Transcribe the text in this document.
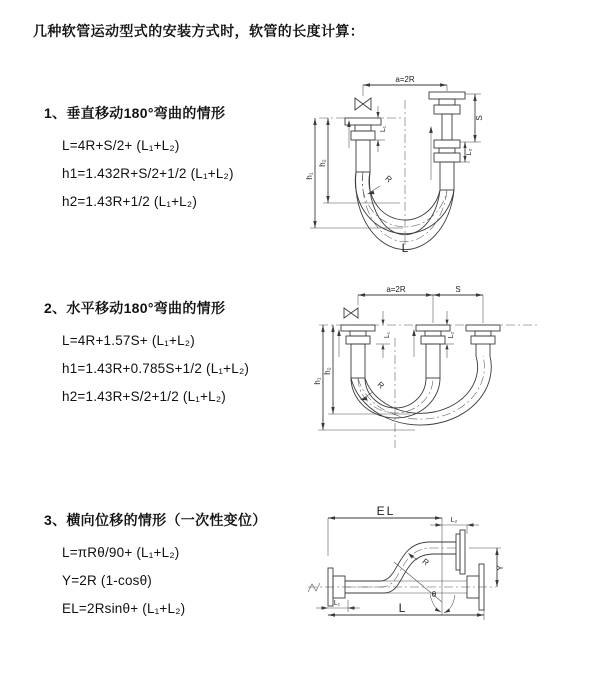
几种软管运动型式的安装方式时，软管的长度计算：
1、垂直移动180°弯曲的情形
L=4R+S/2+ (L₁+L₂)
h1=1.432R+S/2+1/2 (L₁+L₂)
h2=1.43R+1/2 (L₁+L₂)
a=2R
h₁
h₂
L₁
S
L₂
R
L
2、水平移动180°弯曲的情形
L=4R+1.57S+ (L₁+L₂)
h1=1.43R+0.785S+1/2 (L₁+L₂)
h2=1.43R+S/2+1/2 (L₁+L₂)
a=2R	S
h₁
h₂
L₁	L₂
R
3、横向位移的情形（一次性变位）
L=πRθ/90+ (L₁+L₂)
Y=2R (1-cosθ)
EL=2Rsinθ+ (L₁+L₂)
EL
L₂
Y
θ
R
L
L₁
